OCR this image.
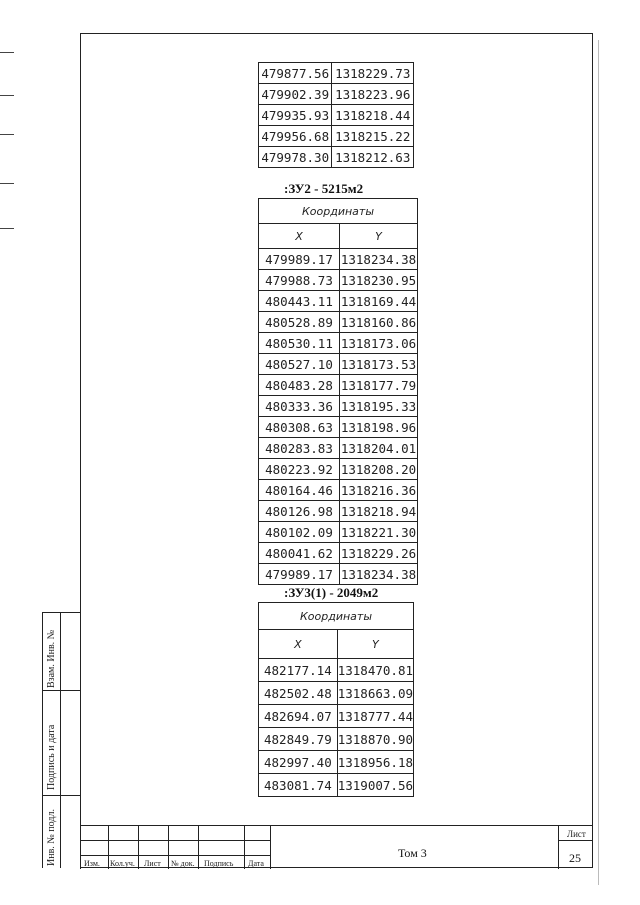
Взам. Инв. №
Подпись и дата
Инв. № подл.
479877.56	1318229.73
479902.39	1318223.96
479935.93	1318218.44
479956.68	1318215.22
479978.30	1318212.63
:ЗУ2 - 5215м2
Координаты	
X	Y
479989.17	1318234.38
479988.73	1318230.95
480443.11	1318169.44
480528.89	1318160.86
480530.11	1318173.06
480527.10	1318173.53
480483.28	1318177.79
480333.36	1318195.33
480308.63	1318198.96
480283.83	1318204.01
480223.92	1318208.20
480164.46	1318216.36
480126.98	1318218.94
480102.09	1318221.30
480041.62	1318229.26
479989.17	1318234.38
:ЗУ3(1) - 2049м2
Координаты	
X	Y
482177.14	1318470.81
482502.48	1318663.09
482694.07	1318777.44
482849.79	1318870.90
482997.40	1318956.18
483081.74	1319007.56
Изм. Кол.уч. Лист № док. Подпись Дата
Том 3
Лист
25
